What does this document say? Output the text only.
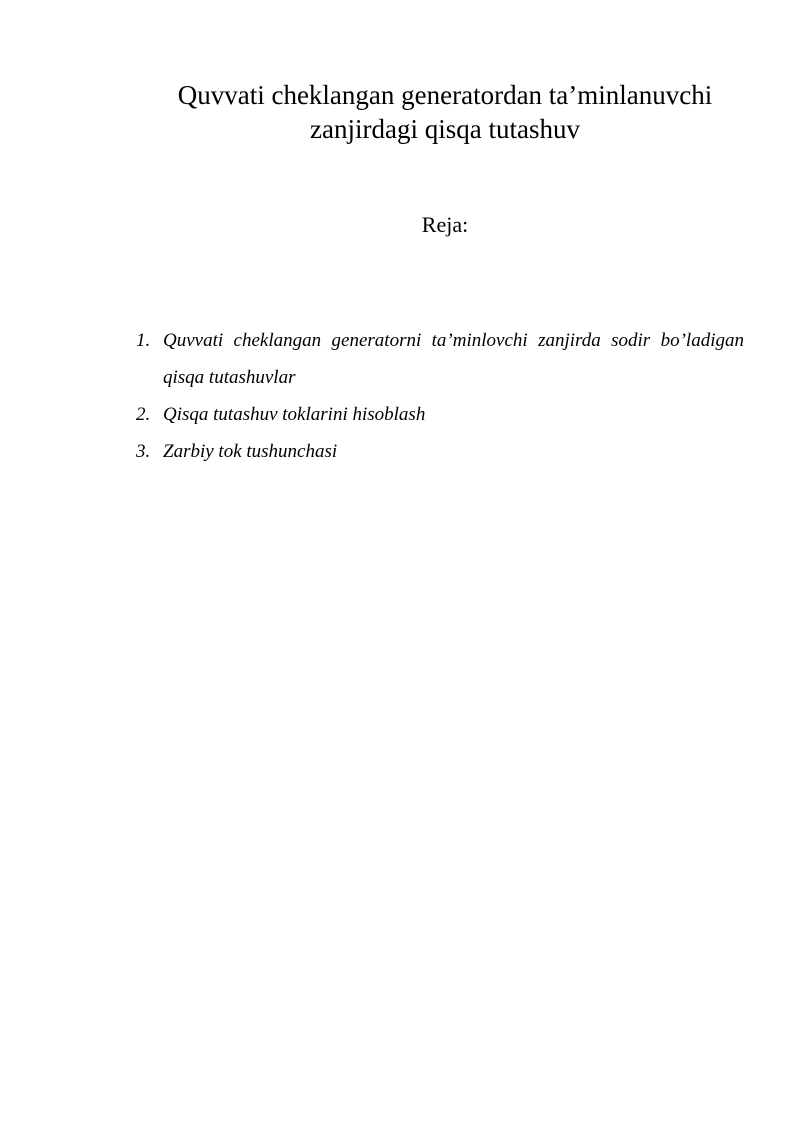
Quvvati cheklangan generatordan ta’minlanuvchi
zanjirdagi qisqa tutashuv

Reja:

1. Quvvati cheklangan generatorni ta’minlovchi zanjirda sodir bo’ladigan qisqa tutashuvlar
2. Qisqa tutashuv toklarini hisoblash
3. Zarbiy tok tushunchasi
